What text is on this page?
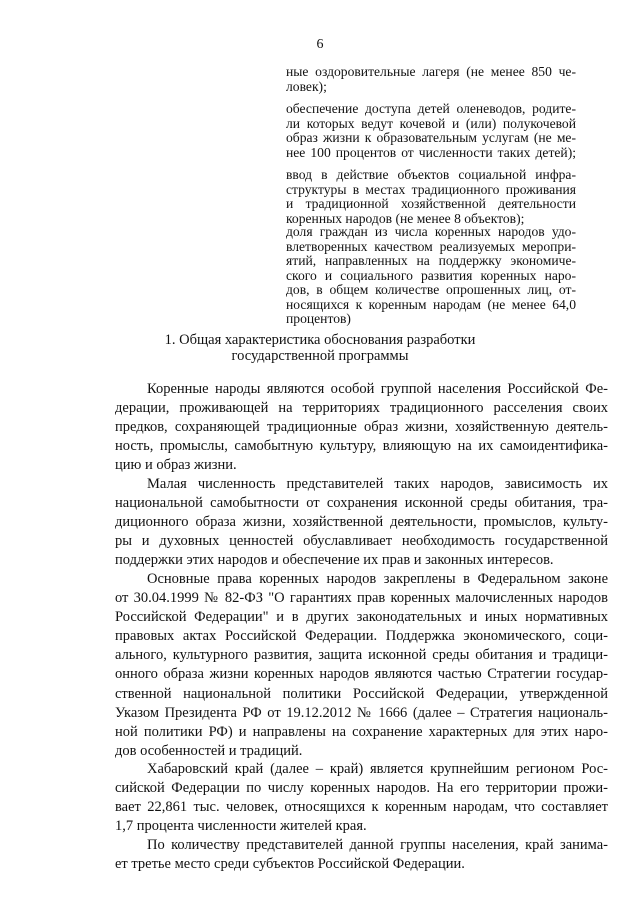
6
ные оздоровительные лагеря (не менее 850 че-
ловек);
обеспечение доступа детей оленеводов, родите-
ли которых ведут кочевой и (или) полукочевой
образ жизни к образовательным услугам (не ме-
нее 100 процентов от численности таких детей);
ввод в действие объектов социальной инфра-
структуры в местах традиционного проживания
и традиционной хозяйственной деятельности
коренных народов (не менее 8 объектов);
доля граждан из числа коренных народов удо-
влетворенных качеством реализуемых меропри-
ятий, направленных на поддержку экономиче-
ского и социального развития коренных наро-
дов, в общем количестве опрошенных лиц, от-
носящихся к коренным народам (не менее 64,0
процентов)
1. Общая характеристика обоснования разработки
государственной программы

Коренные народы являются особой группой населения Российской Фе-
дерации, проживающей на территориях традиционного расселения своих
предков, сохраняющей традиционные образ жизни, хозяйственную деятель-
ность, промыслы, самобытную культуру, влияющую на их самоидентифика-
цию и образ жизни.

Малая численность представителей таких народов, зависимость их
национальной самобытности от сохранения исконной среды обитания, тра-
диционного образа жизни, хозяйственной деятельности, промыслов, культу-
ры и духовных ценностей обуславливает необходимость государственной
поддержки этих народов и обеспечение их прав и законных интересов.

Основные права коренных народов закреплены в Федеральном законе
от 30.04.1999 № 82-ФЗ "О гарантиях прав коренных малочисленных народов
Российской Федерации" и в других законодательных и иных нормативных
правовых актах Российской Федерации. Поддержка экономического, соци-
ального, культурного развития, защита исконной среды обитания и традици-
онного образа жизни коренных народов являются частью Стратегии государ-
ственной национальной политики Российской Федерации, утвержденной
Указом Президента РФ от 19.12.2012 № 1666 (далее – Стратегия националь-
ной политики РФ) и направлены на сохранение характерных для этих наро-
дов особенностей и традиций.

Хабаровский край (далее – край) является крупнейшим регионом Рос-
сийской Федерации по числу коренных народов. На его территории прожи-
вает 22,861 тыс. человек, относящихся к коренным народам, что составляет
1,7 процента численности жителей края.

По количеству представителей данной группы населения, край занима-
ет третье место среди субъектов Российской Федерации.
